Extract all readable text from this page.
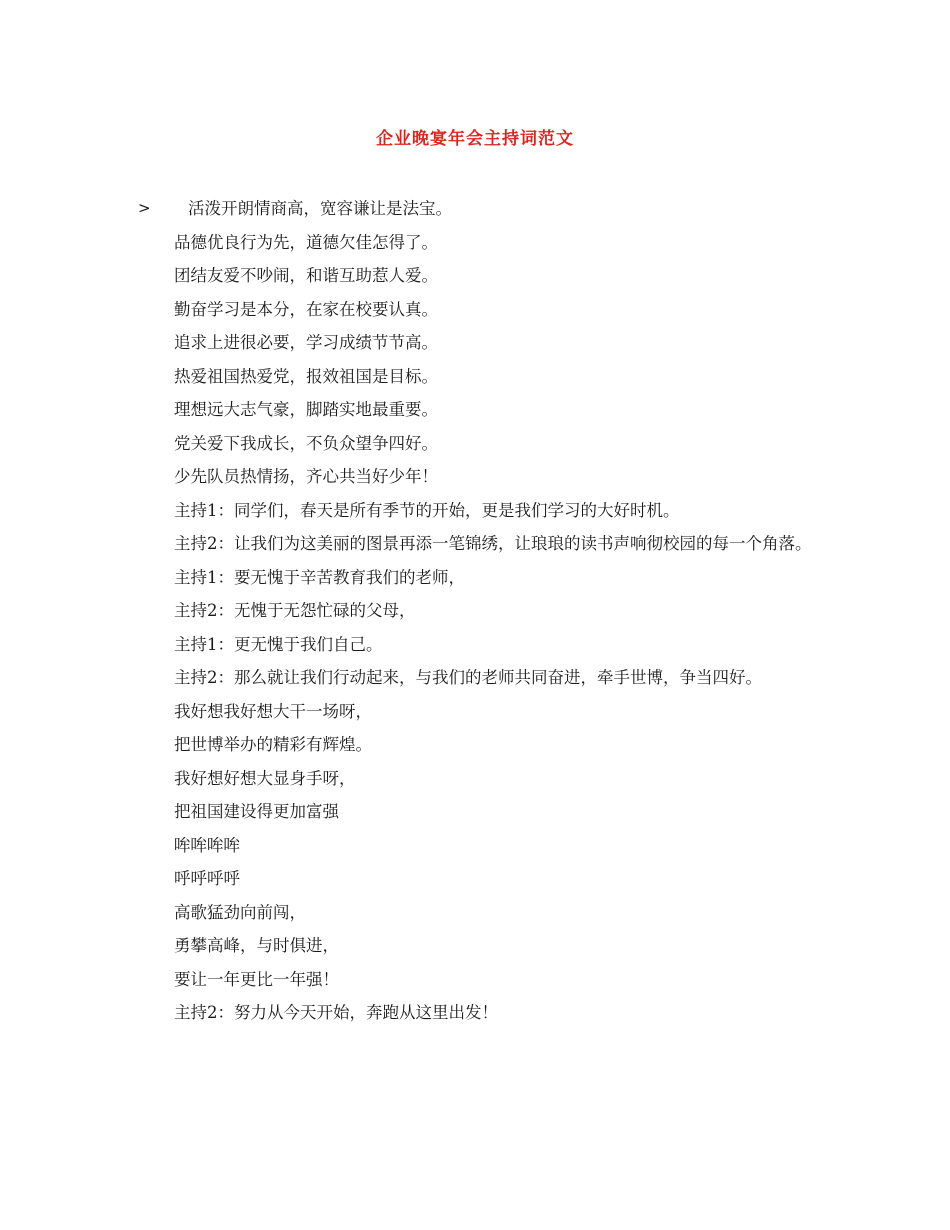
企业晚宴年会主持词范文

>	活泼开朗情商高，宽容谦让是法宝。

品德优良行为先，道德欠佳怎得了。

团结友爱不吵闹，和谐互助惹人爱。

勤奋学习是本分，在家在校要认真。

追求上进很必要，学习成绩节节高。

热爱祖国热爱党，报效祖国是目标。

理想远大志气豪，脚踏实地最重要。

党关爱下我成长，不负众望争四好。

少先队员热情扬，齐心共当好少年！

主持1：同学们，春天是所有季节的开始，更是我们学习的大好时机。

主持2：让我们为这美丽的图景再添一笔锦绣，让琅琅的读书声响彻校园的每一个角落。

主持1：要无愧于辛苦教育我们的老师，

主持2：无愧于无怨忙碌的父母，

主持1：更无愧于我们自己。

主持2：那么就让我们行动起来，与我们的老师共同奋进，牵手世博，争当四好。

我好想我好想大干一场呀，

把世博举办的精彩有辉煌。

我好想好想大显身手呀，

把祖国建设得更加富强

哞哞哞哞

呼呼呼呼

高歌猛劲向前闯，

勇攀高峰，与时俱进，

要让一年更比一年强！

主持2：努力从今天开始，奔跑从这里出发！
